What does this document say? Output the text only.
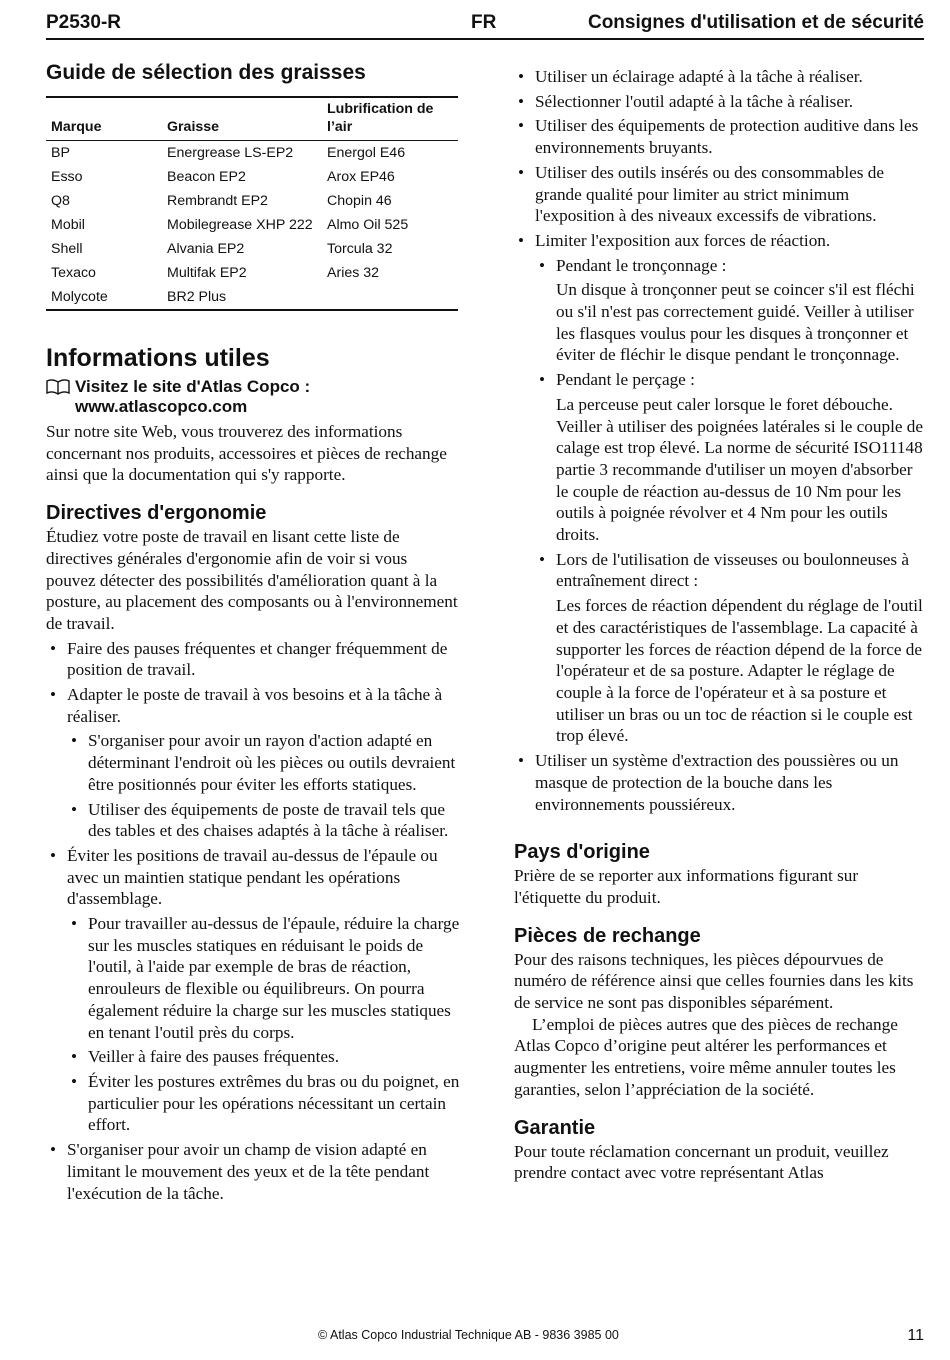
P2530-R	FR	Consignes d'utilisation et de sécurité
Guide de sélection des graisses
Marque	Graisse	Lubrification de l’air
BP	Energrease LS-EP2	Energol E46
Esso	Beacon EP2	Arox EP46
Q8	Rembrandt EP2	Chopin 46
Mobil	Mobilegrease XHP 222	Almo Oil 525
Shell	Alvania EP2	Torcula 32
Texaco	Multifak EP2	Aries 32
Molycote	BR2 Plus	
Informations utiles
Visitez le site d'Atlas Copco :
www.atlascopco.com

Sur notre site Web, vous trouverez des informations concernant nos produits, accessoires et pièces de rechange ainsi que la documentation qui s'y rapporte.

Directives d'ergonomie

Étudiez votre poste de travail en lisant cette liste de directives générales d'ergonomie afin de voir si vous pouvez détecter des possibilités d'amélioration quant à la posture, au placement des composants ou à l'environnement de travail.

• Faire des pauses fréquentes et changer fréquemment de position de travail.
• Adapter le poste de travail à vos besoins et à la tâche à réaliser.
• S'organiser pour avoir un rayon d'action adapté en déterminant l'endroit où les pièces ou outils devraient être positionnés pour éviter les efforts statiques.
• Utiliser des équipements de poste de travail tels que des tables et des chaises adaptés à la tâche à réaliser.
• Éviter les positions de travail au-dessus de l'épaule ou avec un maintien statique pendant les opérations d'assemblage.
• Pour travailler au-dessus de l'épaule, réduire la charge sur les muscles statiques en réduisant le poids de l'outil, à l'aide par exemple de bras de réaction, enrouleurs de flexible ou équilibreurs. On pourra également réduire la charge sur les muscles statiques en tenant l'outil près du corps.
• Veiller à faire des pauses fréquentes.
• Éviter les postures extrêmes du bras ou du poignet, en particulier pour les opérations nécessitant un certain effort.
• S'organiser pour avoir un champ de vision adapté en limitant le mouvement des yeux et de la tête pendant l'exécution de la tâche.
• Utiliser un éclairage adapté à la tâche à réaliser.
• Sélectionner l'outil adapté à la tâche à réaliser.
• Utiliser des équipements de protection auditive dans les environnements bruyants.
• Utiliser des outils insérés ou des consommables de grande qualité pour limiter au strict minimum l'exposition à des niveaux excessifs de vibrations.
• Limiter l'exposition aux forces de réaction.
• Pendant le tronçonnage :

Un disque à tronçonner peut se coincer s'il est fléchi ou s'il n'est pas correctement guidé. Veiller à utiliser les flasques voulus pour les disques à tronçonner et éviter de fléchir le disque pendant le tronçonnage.

• Pendant le perçage :

La perceuse peut caler lorsque le foret débouche. Veiller à utiliser des poignées latérales si le couple de calage est trop élevé. La norme de sécurité ISO11148 partie 3 recommande d'utiliser un moyen d'absorber le couple de réaction au-dessus de 10 Nm pour les outils à poignée révolver et 4 Nm pour les outils droits.

• Lors de l'utilisation de visseuses ou boulonneuses à entraînement direct :

Les forces de réaction dépendent du réglage de l'outil et des caractéristiques de l'assemblage. La capacité à supporter les forces de réaction dépend de la force de l'opérateur et de sa posture. Adapter le réglage de couple à la force de l'opérateur et à sa posture et utiliser un bras ou un toc de réaction si le couple est trop élevé.

• Utiliser un système d'extraction des poussières ou un masque de protection de la bouche dans les environnements poussiéreux.
Pays d'origine

Prière de se reporter aux informations figurant sur l'étiquette du produit.

Pièces de rechange

Pour des raisons techniques, les pièces dépourvues de numéro de référence ainsi que celles fournies dans les kits de service ne sont pas disponibles séparément.

L’emploi de pièces autres que des pièces de rechange Atlas Copco d’origine peut altérer les performances et augmenter les entretiens, voire même annuler toutes les garanties, selon l’appréciation de la société.

Garantie

Pour toute réclamation concernant un produit, veuillez prendre contact avec votre représentant Atlas

© Atlas Copco Industrial Technique AB - 9836 3985 00	11
